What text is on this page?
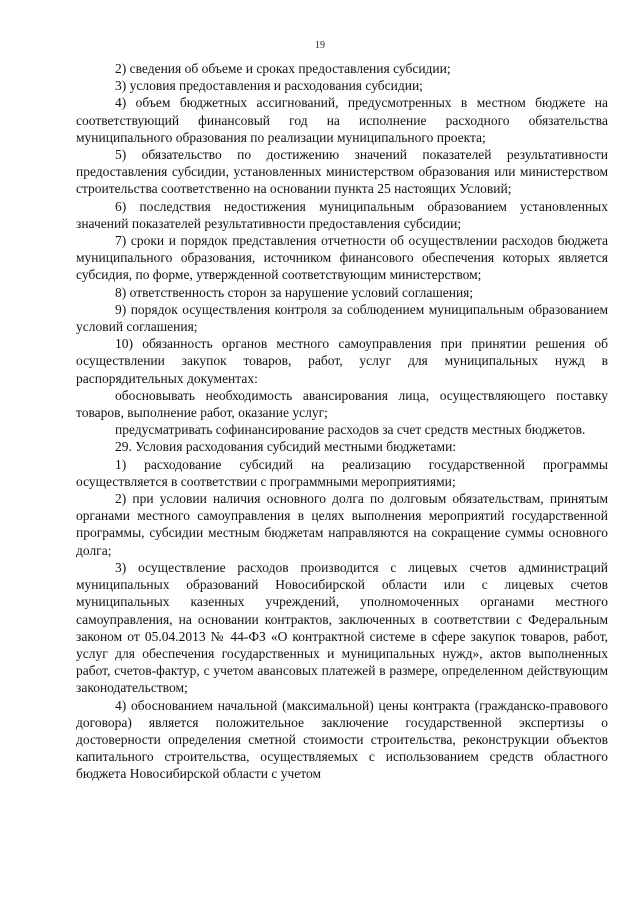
19

2) сведения об объеме и сроках предоставления субсидии;

3) условия предоставления и расходования субсидии;

4) объем бюджетных ассигнований, предусмотренных в местном бюджете на соответствующий финансовый год на исполнение расходного обязательства муниципального образования по реализации муниципального проекта;

5) обязательство по достижению значений показателей результативности предоставления субсидии, установленных министерством образования или министерством строительства соответственно на основании пункта 25 настоящих Условий;

6) последствия недостижения муниципальным образованием установленных значений показателей результативности предоставления субсидии;

7) сроки и порядок представления отчетности об осуществлении расходов бюджета муниципального образования, источником финансового обеспечения которых является субсидия, по форме, утвержденной соответствующим министерством;

8) ответственность сторон за нарушение условий соглашения;

9) порядок осуществления контроля за соблюдением муниципальным образованием условий соглашения;

10) обязанность органов местного самоуправления при принятии решения об осуществлении закупок товаров, работ, услуг для муниципальных нужд в распорядительных документах:

обосновывать необходимость авансирования лица, осуществляющего поставку товаров, выполнение работ, оказание услуг;

предусматривать софинансирование расходов за счет средств местных бюджетов.

29. Условия расходования субсидий местными бюджетами:

1) расходование субсидий на реализацию государственной программы осуществляется в соответствии с программными мероприятиями;

2) при условии наличия основного долга по долговым обязательствам, принятым органами местного самоуправления в целях выполнения мероприятий государственной программы, субсидии местным бюджетам направляются на сокращение суммы основного долга;

3) осуществление расходов производится с лицевых счетов администраций муниципальных образований Новосибирской области или с лицевых счетов муниципальных казенных учреждений, уполномоченных органами местного самоуправления, на основании контрактов, заключенных в соответствии с Федеральным законом от 05.04.2013 № 44-ФЗ «О контрактной системе в сфере закупок товаров, работ, услуг для обеспечения государственных и муниципальных нужд», актов выполненных работ, счетов-фактур, с учетом авансовых платежей в размере, определенном действующим законодательством;

4) обоснованием начальной (максимальной) цены контракта (гражданско-правового договора) является положительное заключение государственной экспертизы о достоверности определения сметной стоимости строительства, реконструкции объектов капитального строительства, осуществляемых с использованием средств областного бюджета Новосибирской области с учетом
